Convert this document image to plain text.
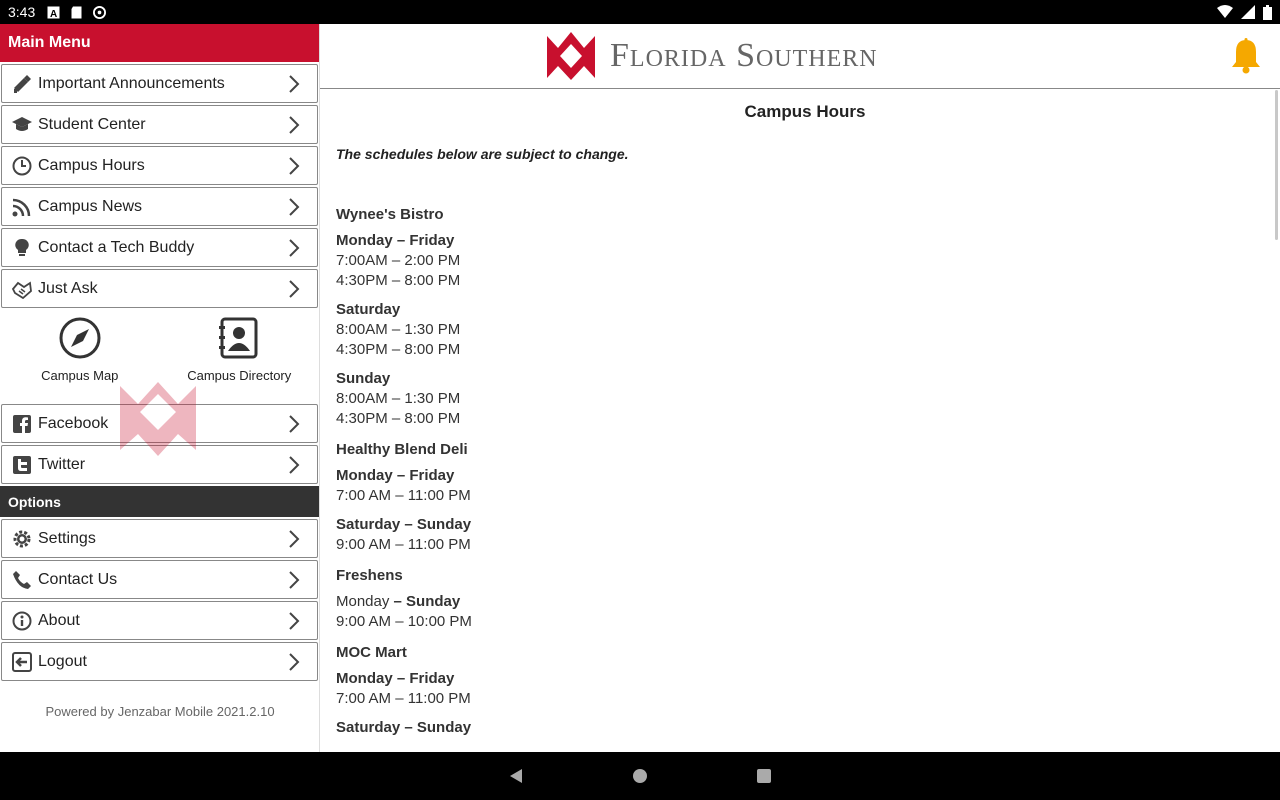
3:43 A
Main Menu
Important Announcements
Student Center
Campus Hours
Campus News
Contact a Tech Buddy
Just Ask
Campus Map	Campus Directory
Facebook
Twitter
Options
Settings
Contact Us
About
Logout
Powered by Jenzabar Mobile 2021.2.10
Florida Southern
Campus Hours
The schedules below are subject to change.
Wynee's Bistro
Monday – Friday
7:00AM – 2:00 PM
4:30PM – 8:00 PM
Saturday
8:00AM – 1:30 PM
4:30PM – 8:00 PM
Sunday
8:00AM – 1:30 PM
4:30PM – 8:00 PM
Healthy Blend Deli
Monday – Friday
7:00 AM – 11:00 PM
Saturday – Sunday
9:00 AM – 11:00 PM
Freshens
Monday – Sunday
9:00 AM – 10:00 PM
MOC Mart
Monday – Friday
7:00 AM – 11:00 PM
Saturday – Sunday
